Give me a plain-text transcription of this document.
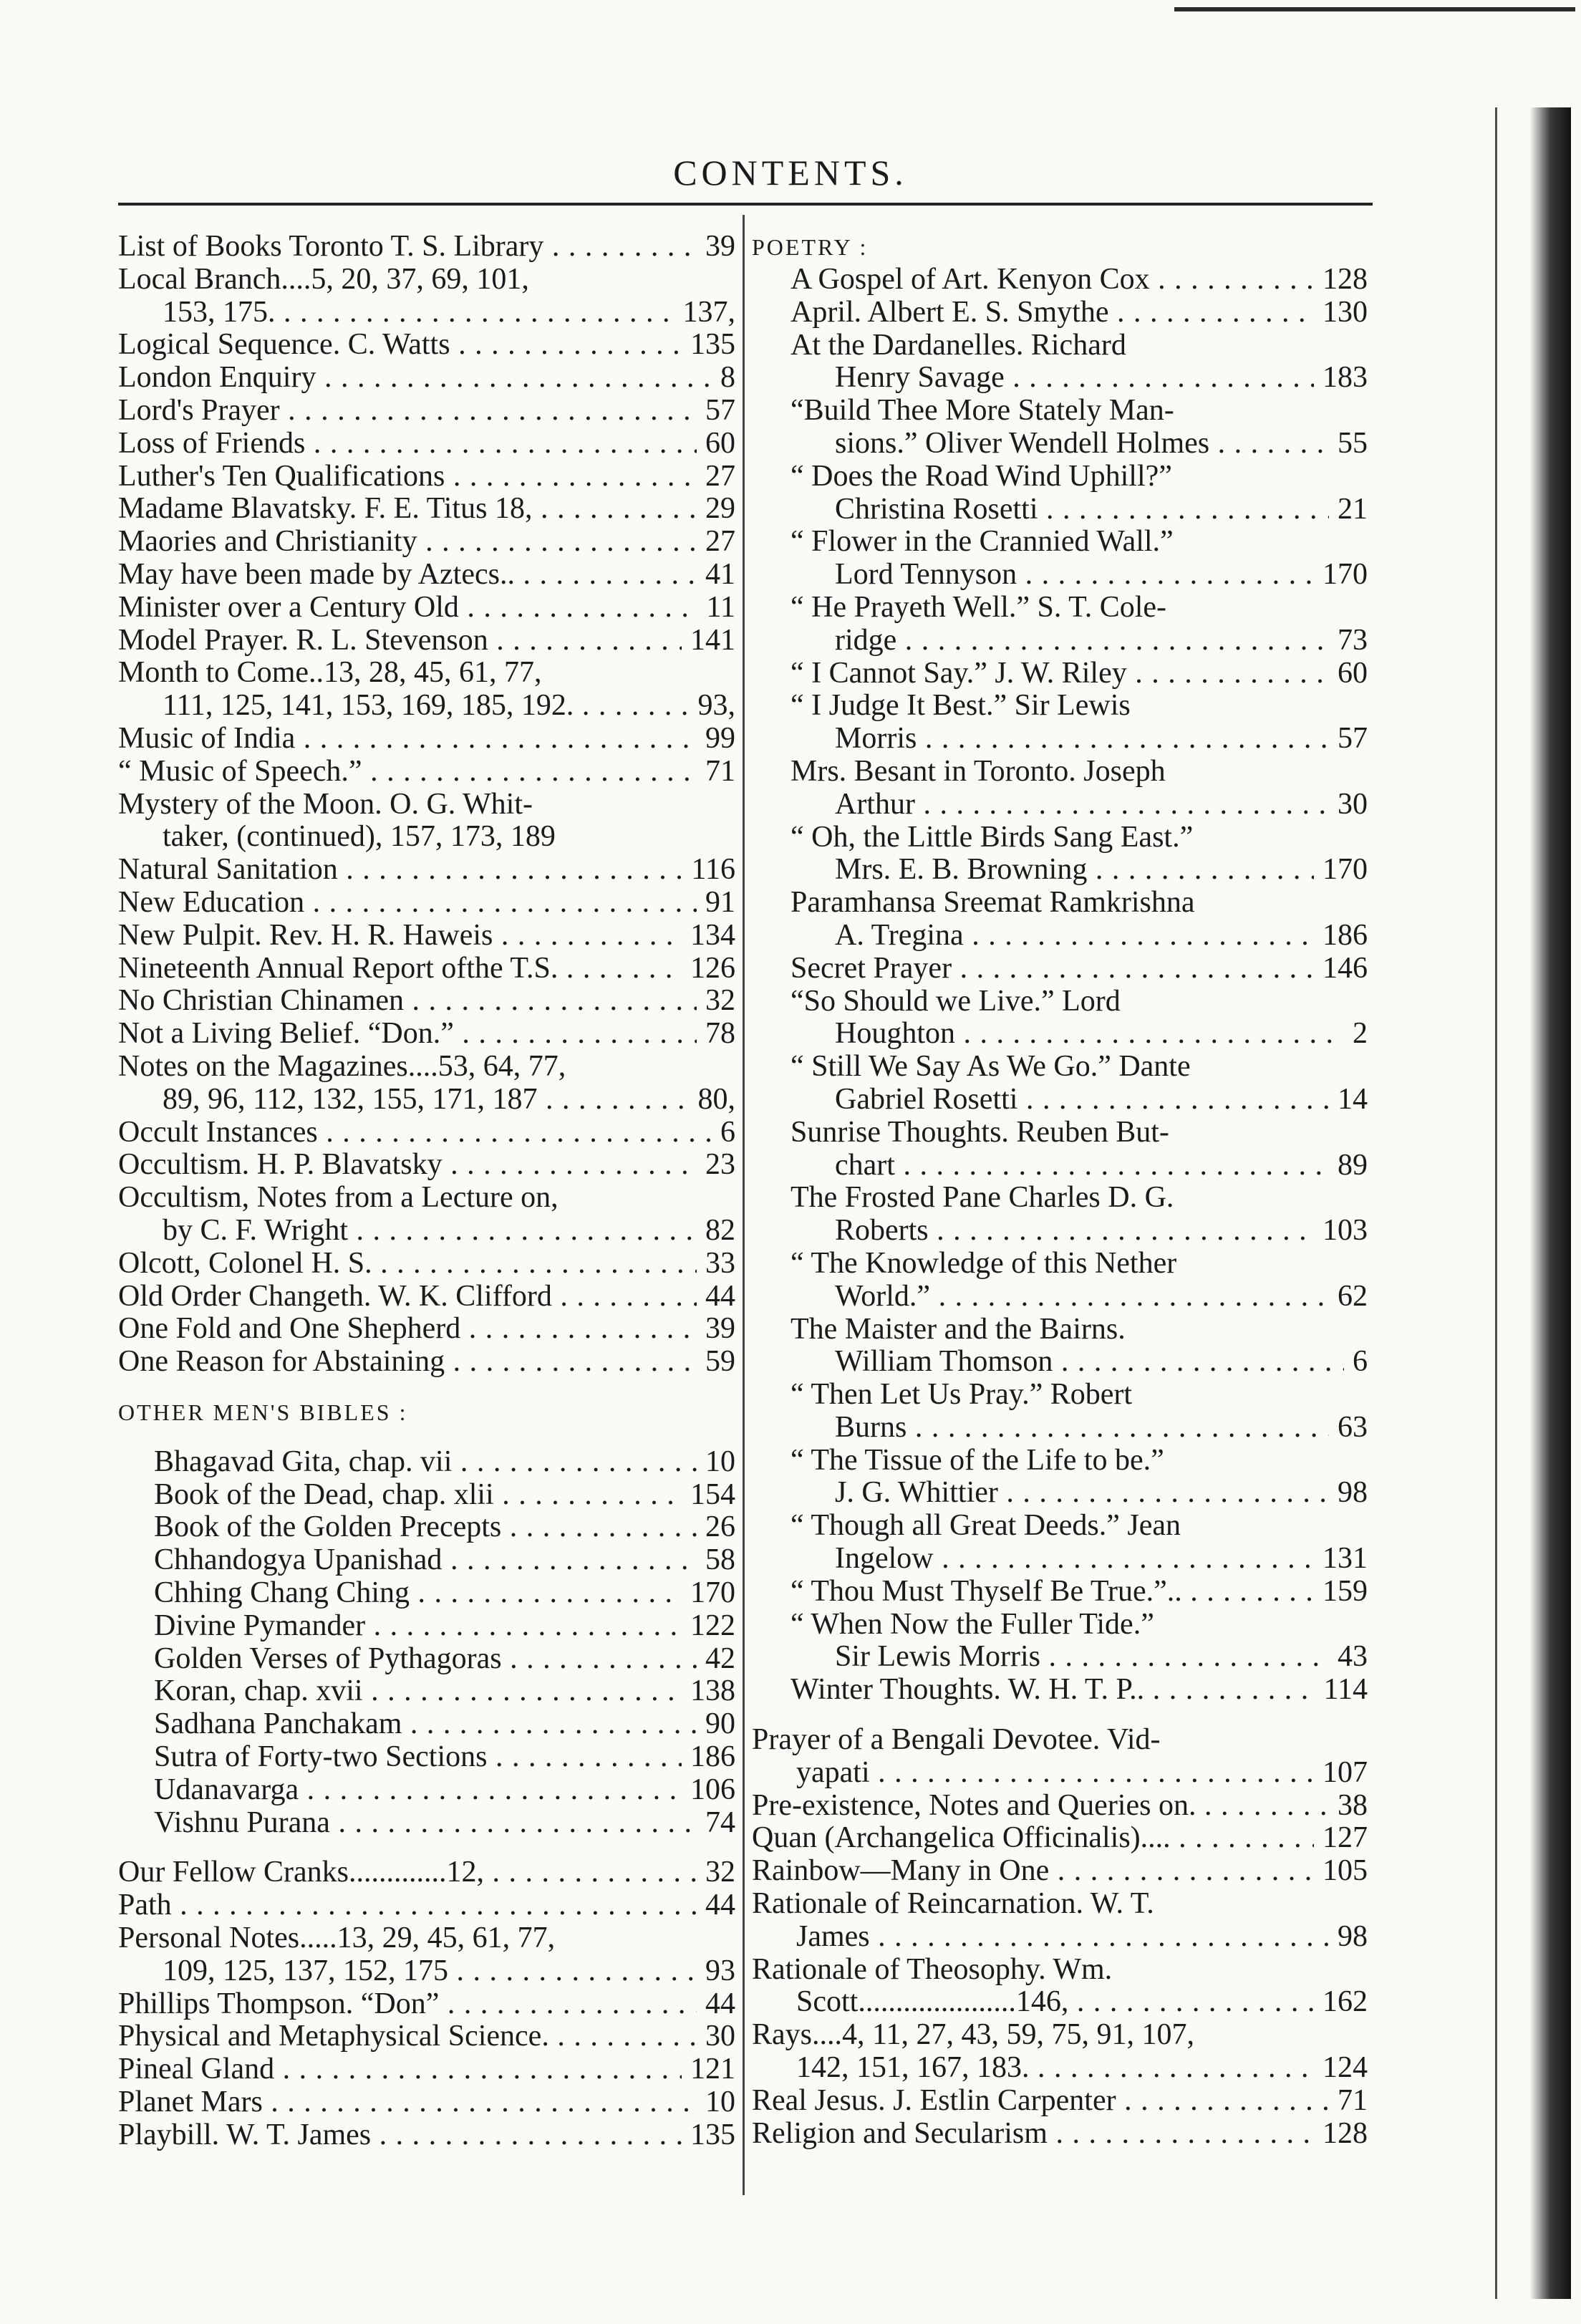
CONTENTS.
List of Books Toronto T. S. Library . . .	39
Local Branch....5, 20, 37, 69, 101,
153, 175. . . .	137,
Logical Sequence. C. Watts . . .	135
London Enquiry . . .	8
Lord's Prayer . . .	57
Loss of Friends . . .	60
Luther's Ten Qualifications . . .	27
Madame Blavatsky. F. E. Titus 18, . . .	29
Maories and Christianity . . .	27
May have been made by Aztecs.. . . .	41
Minister over a Century Old . . .	11
Model Prayer. R. L. Stevenson . . .	141
Month to Come..13, 28, 45, 61, 77,
111, 125, 141, 153, 169, 185, 192. . . .	93,
Music of India . . .	99
“ Music of Speech.” . . .	71
Mystery of the Moon. O. G. Whit-
taker, (continued), 157, 173, 189
Natural Sanitation . . .	116
New Education . . .	91
New Pulpit. Rev. H. R. Haweis . . .	134
Nineteenth Annual Report ofthe T.S. . . .	126
No Christian Chinamen . . .	32
Not a Living Belief. “Don.” . . .	78
Notes on the Magazines....53, 64, 77,
89, 96, 112, 132, 155, 171, 187 . . .	80,
Occult Instances . . .	6
Occultism. H. P. Blavatsky . . .	23
Occultism, Notes from a Lecture on,
by C. F. Wright . . .	82
Olcott, Colonel H. S. . . .	33
Old Order Changeth. W. K. Clifford . . .	44
One Fold and One Shepherd . . .	39
One Reason for Abstaining . . .	59
OTHER MEN'S BIBLES :
Bhagavad Gita, chap. vii . . .	10
Book of the Dead, chap. xlii . . .	154
Book of the Golden Precepts . . .	26
Chhandogya Upanishad . . .	58
Chhing Chang Ching . . .	170
Divine Pymander . . .	122
Golden Verses of Pythagoras . . .	42
Koran, chap. xvii . . .	138
Sadhana Panchakam . . .	90
Sutra of Forty-two Sections . . .	186
Udanavarga . . .	106
Vishnu Purana . . .	74
Our Fellow Cranks.............12, . . .	32
Path . . .	44
Personal Notes.....13, 29, 45, 61, 77,
109, 125, 137, 152, 175 . . .	93
Phillips Thompson. “Don” . . .	44
Physical and Metaphysical Science. . . .	30
Pineal Gland . . .	121
Planet Mars . . .	10
Playbill. W. T. James . . .	135
POETRY :
A Gospel of Art. Kenyon Cox . . .	128
April. Albert E. S. Smythe . . .	130
At the Dardanelles. Richard
Henry Savage . . .	183
“Build Thee More Stately Man-
sions.” Oliver Wendell Holmes . . .	55
“ Does the Road Wind Uphill?”
Christina Rosetti . . .	21
“ Flower in the Crannied Wall.”
Lord Tennyson . . .	170
“ He Prayeth Well.” S. T. Cole-
ridge . . .	73
“ I Cannot Say.” J. W. Riley . . .	60
“ I Judge It Best.” Sir Lewis
Morris . . .	57
Mrs. Besant in Toronto. Joseph
Arthur . . .	30
“ Oh, the Little Birds Sang East.”
Mrs. E. B. Browning . . .	170
Paramhansa Sreemat Ramkrishna
A. Tregina . . .	186
Secret Prayer . . .	146
“So Should we Live.” Lord
Houghton . . .	2
“ Still We Say As We Go.” Dante
Gabriel Rosetti . . .	14
Sunrise Thoughts. Reuben But-
chart . . .	89
The Frosted Pane Charles D. G.
Roberts . . .	103
“ The Knowledge of this Nether
World.” . . .	62
The Maister and the Bairns.
William Thomson . . .	6
“ Then Let Us Pray.” Robert
Burns . . .	63
“ The Tissue of the Life to be.”
J. G. Whittier . . .	98
“ Though all Great Deeds.” Jean
Ingelow . . .	131
“ Thou Must Thyself Be True.”.. . . .	159
“ When Now the Fuller Tide.”
Sir Lewis Morris . . .	43
Winter Thoughts. W. H. T. P.. . . .	114
Prayer of a Bengali Devotee. Vid-
yapati . . .	107
Pre-existence, Notes and Queries on. . . .	38
Quan (Archangelica Officinalis).... . . .	127
Rainbow—Many in One . . .	105
Rationale of Reincarnation. W. T.
James . . .	98
Rationale of Theosophy. Wm.
Scott.....................146, . . .	162
Rays....4, 11, 27, 43, 59, 75, 91, 107,
142, 151, 167, 183. . . .	124
Real Jesus. J. Estlin Carpenter . . .	71
Religion and Secularism . . .	128
